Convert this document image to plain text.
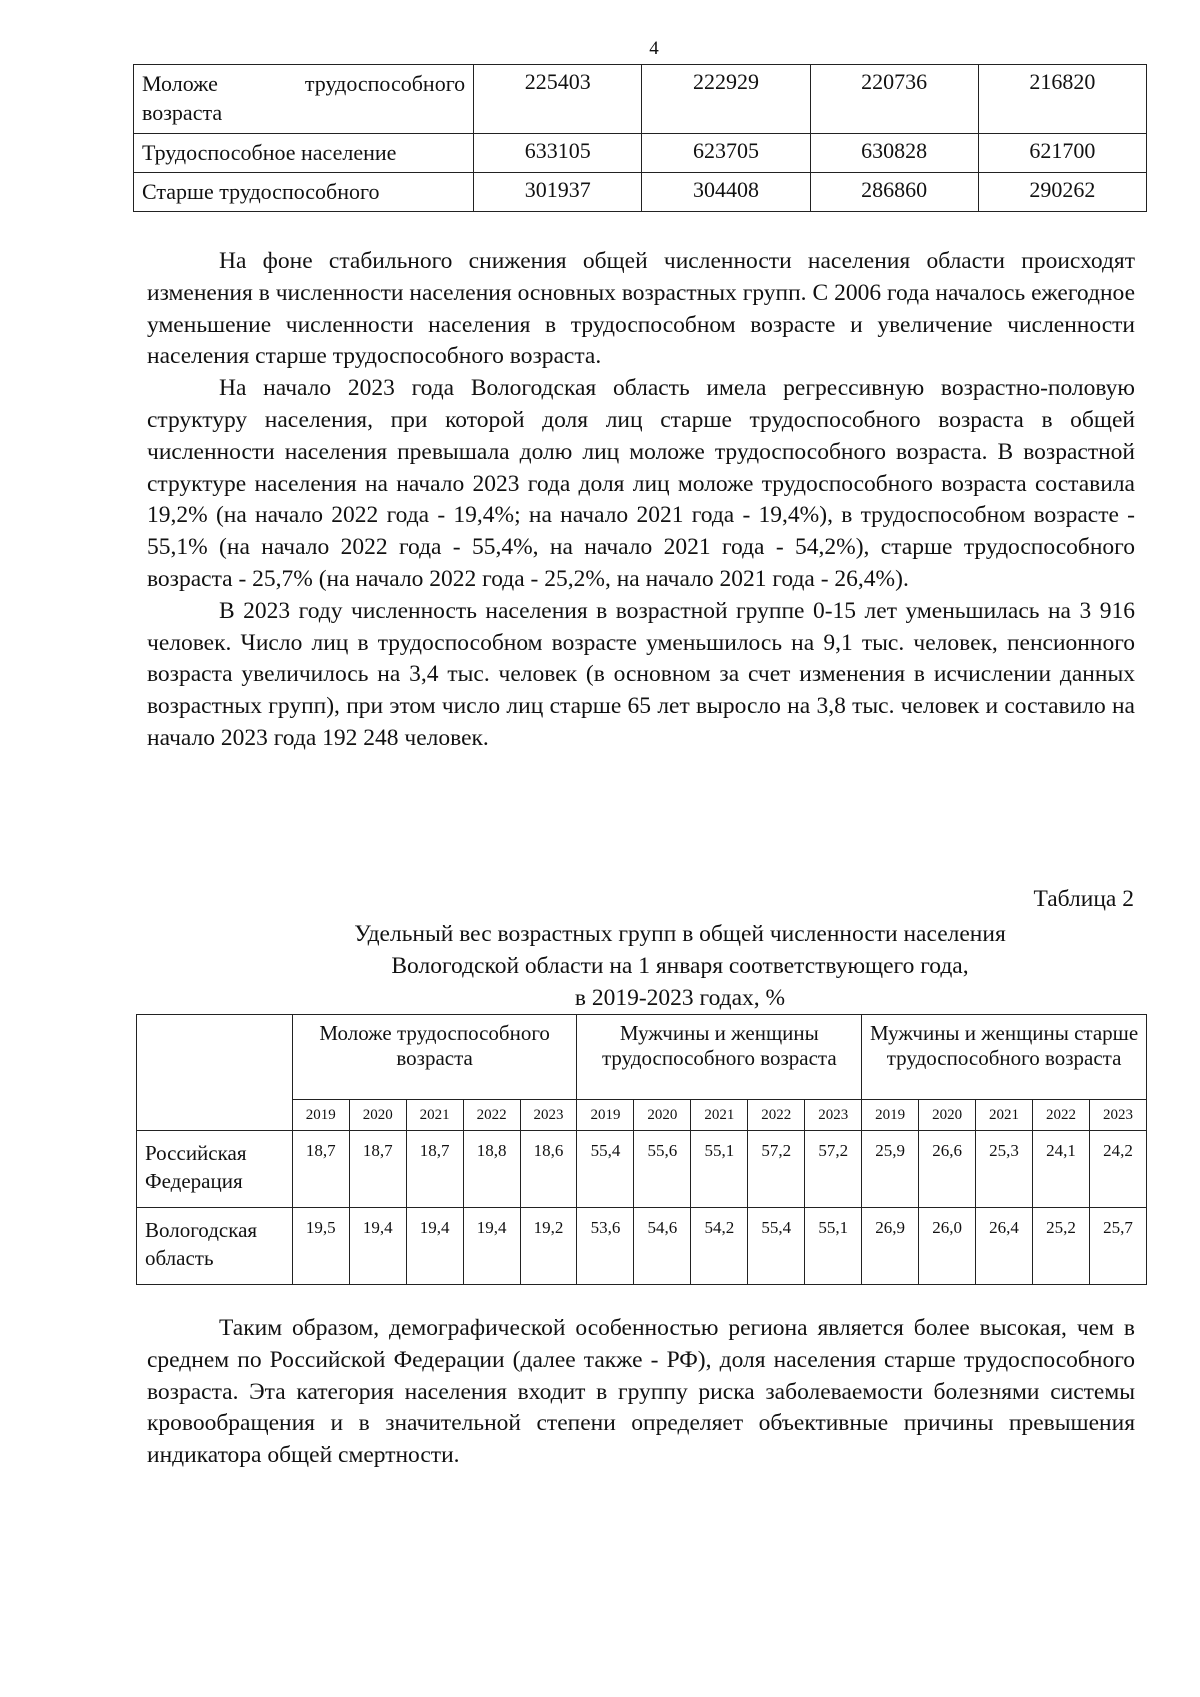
4
Моложе трудоспособного возраста	225403	222929	220736	216820
Трудоспособное население	633105	623705	630828	621700
Старше трудоспособного	301937	304408	286860	290262

На фоне стабильного снижения общей численности населения области происходят изменения в численности населения основных возрастных групп. С 2006 года началось ежегодное уменьшение численности населения в трудоспособном возрасте и увеличение численности населения старше трудоспособного возраста.

На начало 2023 года Вологодская область имела регрессивную возрастно-половую структуру населения, при которой доля лиц старше трудоспособного возраста в общей численности населения превышала долю лиц моложе трудоспособного возраста. В возрастной структуре населения на начало 2023 года доля лиц моложе трудоспособного возраста составила 19,2% (на начало 2022 года - 19,4%; на начало 2021 года - 19,4%), в трудоспособном возрасте - 55,1% (на начало 2022 года - 55,4%, на начало 2021 года - 54,2%), старше трудоспособного возраста - 25,7% (на начало 2022 года - 25,2%, на начало 2021 года - 26,4%).

В 2023 году численность населения в возрастной группе 0-15 лет уменьшилась на 3 916 человек. Число лиц в трудоспособном возрасте уменьшилось на 9,1 тыс. человек, пенсионного возраста увеличилось на 3,4 тыс. человек (в основном за счет изменения в исчислении данных возрастных групп), при этом число лиц старше 65 лет выросло на 3,8 тыс. человек и составило на начало 2023 года 192 248 человек.

Таблица 2
Удельный вес возрастных групп в общей численности населения
Вологодской области на 1 января соответствующего года,
в 2019-2023 годах, %
	Моложе трудоспособного возраста					Мужчины и женщины трудоспособного возраста					Мужчины и женщины старше трудоспособного возраста				
	2019	2020	2021	2022	2023	2019	2020	2021	2022	2023	2019	2020	2021	2022	2023
Российская Федерация	18,7	18,7	18,7	18,8	18,6	55,4	55,6	55,1	57,2	57,2	25,9	26,6	25,3	24,1	24,2
Вологодская область	19,5	19,4	19,4	19,4	19,2	53,6	54,6	54,2	55,4	55,1	26,9	26,0	26,4	25,2	25,7

Таким образом, демографической особенностью региона является более высокая, чем в среднем по Российской Федерации (далее также - РФ), доля населения старше трудоспособного возраста. Эта категория населения входит в группу риска заболеваемости болезнями системы кровообращения и в значительной степени определяет объективные причины превышения индикатора общей смертности.
